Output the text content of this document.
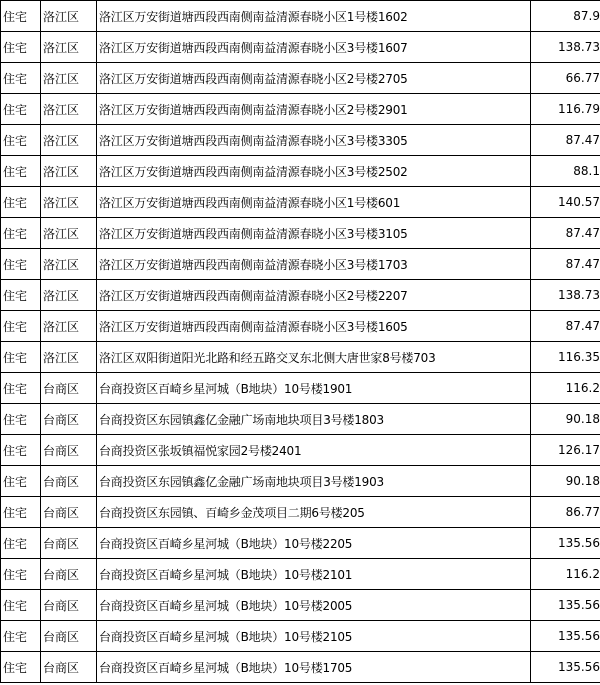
住宅	洛江区	洛江区万安街道塘西段西南侧南益清源春晓小区1号楼1602	87.9
住宅	洛江区	洛江区万安街道塘西段西南侧南益清源春晓小区3号楼1607	138.73
住宅	洛江区	洛江区万安街道塘西段西南侧南益清源春晓小区2号楼2705	66.77
住宅	洛江区	洛江区万安街道塘西段西南侧南益清源春晓小区2号楼2901	116.79
住宅	洛江区	洛江区万安街道塘西段西南侧南益清源春晓小区3号楼3305	87.47
住宅	洛江区	洛江区万安街道塘西段西南侧南益清源春晓小区3号楼2502	88.1
住宅	洛江区	洛江区万安街道塘西段西南侧南益清源春晓小区1号楼601	140.57
住宅	洛江区	洛江区万安街道塘西段西南侧南益清源春晓小区3号楼3105	87.47
住宅	洛江区	洛江区万安街道塘西段西南侧南益清源春晓小区3号楼1703	87.47
住宅	洛江区	洛江区万安街道塘西段西南侧南益清源春晓小区2号楼2207	138.73
住宅	洛江区	洛江区万安街道塘西段西南侧南益清源春晓小区3号楼1605	87.47
住宅	洛江区	洛江区双阳街道阳光北路和经五路交叉东北侧大唐世家8号楼703	116.35
住宅	台商区	台商投资区百崎乡星河城（B地块）10号楼1901	116.2
住宅	台商区	台商投资区东园镇鑫亿金融广场南地块项目3号楼1803	90.18
住宅	台商区	台商投资区张坂镇福悦家园2号楼2401	126.17
住宅	台商区	台商投资区东园镇鑫亿金融广场南地块项目3号楼1903	90.18
住宅	台商区	台商投资区东园镇、百崎乡金茂项目二期6号楼205	86.77
住宅	台商区	台商投资区百崎乡星河城（B地块）10号楼2205	135.56
住宅	台商区	台商投资区百崎乡星河城（B地块）10号楼2101	116.2
住宅	台商区	台商投资区百崎乡星河城（B地块）10号楼2005	135.56
住宅	台商区	台商投资区百崎乡星河城（B地块）10号楼2105	135.56
住宅	台商区	台商投资区百崎乡星河城（B地块）10号楼1705	135.56
